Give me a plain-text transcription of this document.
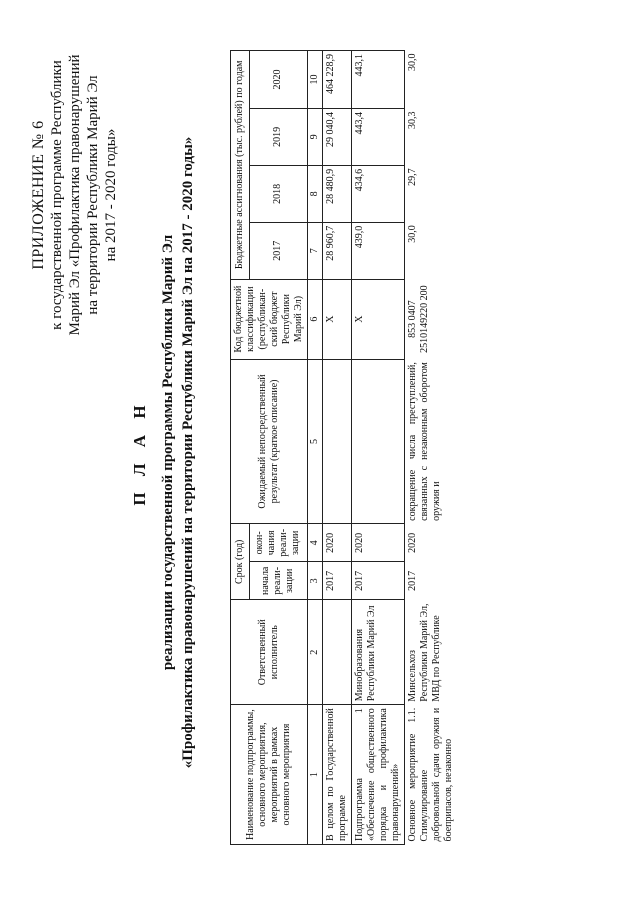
ПРИЛОЖЕНИЕ № 6 к государственной программе Республики Марий Эл «Профилактика правонарушений на территории Республики Марий Эл на 2017 - 2020 годы»
П Л А Н реализации государственной программы Республики Марий Эл «Профилактика правонарушений на территории Республики Марий Эл на 2017 - 2020 годы»
Наименование подпрограммы, основного мероприятия, мероприятий в рамках основного мероприятия	Ответственный исполнитель	Срок (год)		Ожидаемый непосредственный результат (краткое описание)	Код бюджетной классификации (республикан-ский бюджет Республики Марий Эл)	Бюджетные ассигнования (тыс. рублей) по годам			
		начала реали-зации	окон-чания реали-зации			2017	2018	2019	2020
1	2	3	4	5	6	7	8	9	10
В целом по Государственной программе		2017	2020		Х	28 960,7	28 480,9	29 040,4	464 228,9
Подпрограмма 1 «Обеспечение общественного порядка и профилактика правонарушений»	Минобразования Республики Марий Эл	2017	2020		Х	439,0	434,6	443,4	443,1
Основное мероприятие 1.1. Стимулирование добровольной сдачи оружия и боеприпасов, незаконно	Минсельхоз Республики Марий Эл, МВД по Республике	2017	2020	сокращение числа преступлений, связанных с незаконным оборотом оружия и	853 0407 2510149220 200	30,0	29,7	30,3	30,0
